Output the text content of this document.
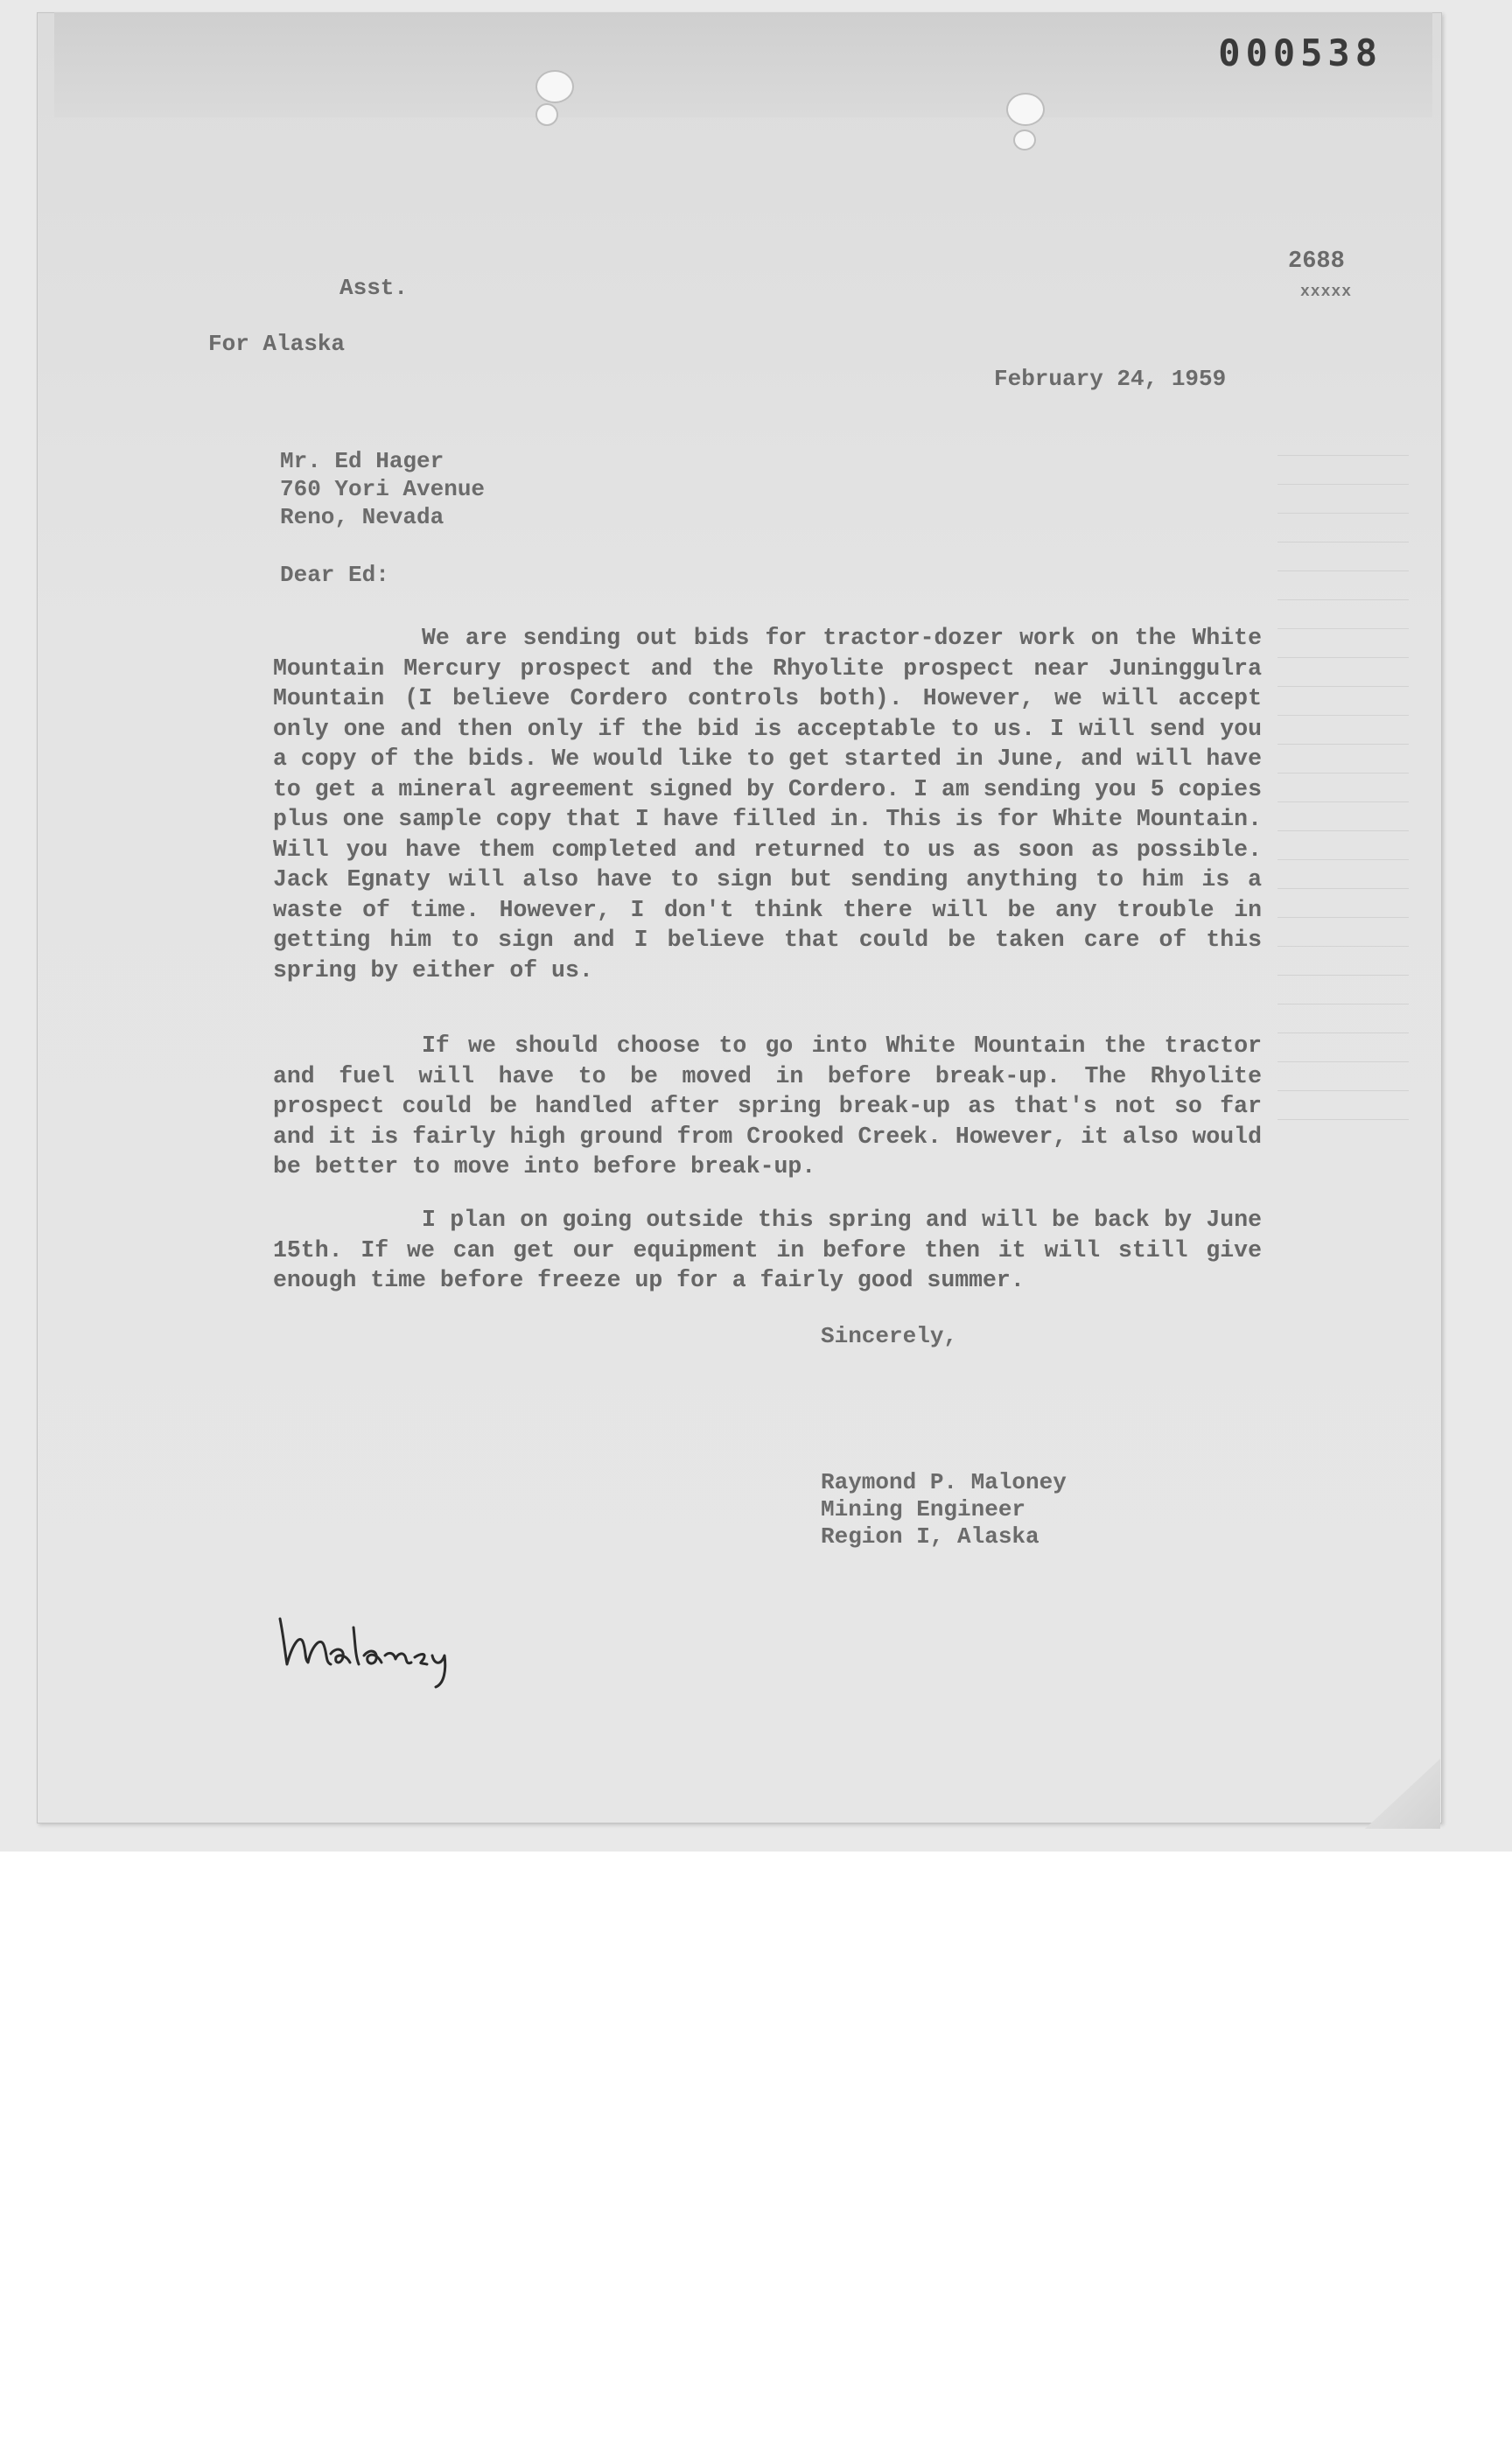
000538
2688
xxxxx
Asst.
For Alaska
February 24, 1959
Mr. Ed Hager
760 Yori Avenue
Reno, Nevada
Dear Ed:
We are sending out bids for tractor-dozer work on the White Mountain Mercury prospect and the Rhyolite prospect near Juninggulra Mountain (I believe Cordero controls both). However, we will accept only one and then only if the bid is acceptable to us. I will send you a copy of the bids. We would like to get started in June, and will have to get a mineral agreement signed by Cordero. I am sending you 5 copies plus one sample copy that I have filled in. This is for White Mountain. Will you have them completed and returned to us as soon as possible. Jack Egnaty will also have to sign but sending anything to him is a waste of time. However, I don't think there will be any trouble in getting him to sign and I believe that could be taken care of this spring by either of us.
If we should choose to go into White Mountain the tractor and fuel will have to be moved in before break-up. The Rhyolite prospect could be handled after spring break-up as that's not so far and it is fairly high ground from Crooked Creek. However, it also would be better to move into before break-up.
I plan on going outside this spring and will be back by June 15th. If we can get our equipment in before then it will still give enough time before freeze up for a fairly good summer.
Sincerely,
Raymond P. Maloney
Mining Engineer
Region I, Alaska
